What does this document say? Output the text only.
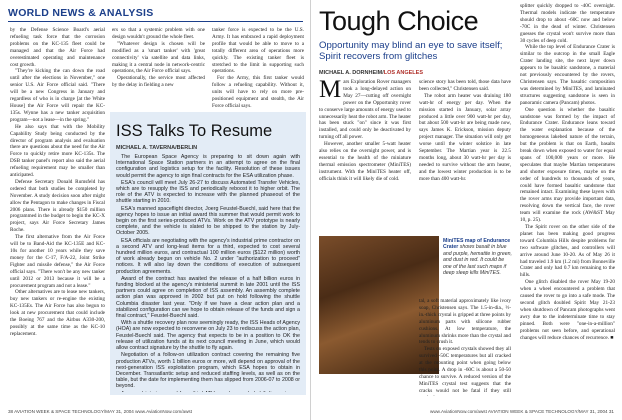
WORLD NEWS & ANALYSIS

by the Defense Science Board's aerial refueling task force that the corrosion problems on the KC-135 fleet could be managed and that the Air Force had overestimated operating and maintenance cost growth.

"They're kicking the can down the road until after the elections in November," one senior U.S. Air Force official said. "There will be a new Congress in January and regardless of who is in charge [at the White House] the Air Force will repair the KC-135s. Wynne has a new tanker acquisition program—not a lease—in the spring."

He also says that with the Mobility Capability Study being conducted by the director of program analysis and evaluation there are questions about the need for the Air Force to quickly retire more KC-135s. The DSB tanker panel's report also said the aerial refueling requirement may be smaller than anticipated.

Defense Secretary Donald Rumsfeld has ordered that both studies be completed by November. A study decision soon after might allow the Pentagon to make changes in Fiscal 2006 plans. There is already $150 million programmed in the budget to begin the KC-X project, says Air Force Secretary James Roche.

The first alternative from the Air Force will be to Band-Aid the KC-135E and KC-10s for another 10 years while they save money for the C-17, F/A-22, Joint Strike Fighter and missile defense," the Air Force official says. "There won't be any new tanker until 2012 or 2013 because it will be a procurement program and not a lease."

Other alternatives are to lease new tankers, buy new tankers or re-engine the existing KC-135Es. The Air Force has also begun to look at new procurement that could include the Boeing 767 and the Airbus A330-200, possibly at the same time as the KC-10 replacement.

ers so that a systemic problem with one design wouldn't ground the whole fleet.

"Whatever design is chosen will be modified as a 'smart tanker' with 'great connectivity' via satellite and data links, making it a central node in network-centric operations, the Air Force official says.

Operationally, the service most affected by the delay in fielding a new

tanker force is expected to be the U.S. Army. It has embraced a rapid deployment profile that would be able to move to a totally different area of operations more quickly. The existing tanker fleet is stretched to the limit in supporting such operations.

For the Army, this first tanker would follow a refueling capability. Without it, units will have to rely on more pre-positioned equipment and stealth, the Air Force official says.

ISS Talks To Resume
MICHAEL A. TAVERNA/BERLIN

The European Space Agency is preparing to sit down again with International Space Station partners in an attempt to agree on the final configuration and logistics setup for the facility. Resolution of these issues would permit the agency to sign final contracts for the ESA utilization phase.

ESA's council will meet July 26-27 to discuss Automated Transfer Vehicles, which are to resupply the ISS and periodically reboost it to higher orbit. The role of the ATV is expected to increase with the planned phaseout of the shuttle starting in 2010.

ESA's manned spaceflight director, Joerg Feustel-Buechl, said here that the agency hopes to issue an initial award this summer that would permit work to begin on the first series-produced ATVs. Work on the ATV prototype is nearly complete, and the vehicle is slated to be shipped to the station by July-October 2005.

ESA officials are negotiating with the agency's industrial prime contractor on a second ATV and long-lead items for a third, expected to cost several hundred million euros, and contractual 100 million euros ($122 million) worth of work already begun on vehicle No. 2 under "authorization to proceed" notices. It will also lay down the conditions of execution of subsequent production agreements.

Award of the contract has awaited the release of a half billion euros in funding blocked at the agency's ministerial summit in late 2001 until the ISS partners could agree on completion of ISS assembly. An assembly complete action plan was approved in 2002 but put on hold following the shuttle Columbia disaster last year. "Only if we have a clear action plan and a stabilized configuration can we hope to obtain release of the funds and sign a final contract," Feustel-Buechl said.

With a shuttle recovery plan now seemingly ready, the ISS Heads of Agency (HOA) are now expected to reconvene on July 23 to rediscuss the action plan, Feustel-Buechl said. The agency that expects to be in a position to OK the release of utilization funds at its next council meeting in June, which would allow contract signature by the shuttle to fly again.

Negotiation of a follow-on utilization contract covering the remaining five production ATVs, worth 1 billion euros or more, will depend on approval of the next-generation ISS exploitation program, which ESA hopes to obtain in December. Transatlantic setup and reduced staffing levels, as well as on the table, but the date for implementing them has slipped from 2006-07 to 2008 or beyond.

38 AVIATION WEEK & SPACE TECHNOLOGY/MAY 31, 2004 www.AviationNow.com/awst
Tough Choice
Opportunity may blind an eye to save itself; Spirit recovers from glitches
MICHAEL A. DORNHEIM/LOS ANGELES

Mars Exploration Rover managers took a long-delayed action on May 27—cutting off overnight power on the Opportunity rover to conserve large amounts of energy used to unnecessarily heat the robot arm. The heater has been stuck "on" since it was first installed, and could only be deactivated by turning off all power.

However, another smaller 5-watt heater also relies on the overnight power, and is essential to the health of the miniature thermal emission spectrometer (MiniTES) instrument. With the MiniTES heater off, officials think it will likely die of cold.

science story has been told, those data have been collected," Christensen said.

The robot arm heater was draining 180 watt-hr of energy per day. When the mission started in January, solar array produced a little over 900 watt-hr per day, but about 500 watt-hr are being made now, says James K. Erickson, mission deputy project manager. The situation will only get worse until the winter solstice in late September. The Martian year is 22.5 months long, about 30 watt-hr per day is needed to survive without the arm heater, and the lowest winter production is to be more than 400 watt-hr.

MiniTES map of Endurance Crater shows basalt in blue and purple, hematite in green, and dust in red. It could be one of the last such maps if deep sleep kills MiniTES.

tal, a soft material approximately like ivory soap, Christensen says. The 1.5-in-dia., ½-in.-thick crystal is gripped at three points by aluminum parts with silicone rubber cushions. At low temperature, the aluminum shrinks more than the crystal and tends to crush it.

Tests on exposed crystals showed they all survived -50C temperatures but all cracked at the mounting point when going below this point. A drop in -60C is about a 50-50 chance to survive. A reduced version of the MiniTES crystal test suggests that the cracks would not be fatal if they still

splitter quickly dropped to -40C overnight. Thermal models indicate the temperature should drop to about -60C now and below -70C in the dead of winter. Christensen guesses the crystal won't survive more than 30 cycles of deep cold.

While the top level of Endurance Crater is similar to the outcrop in the small Eagle Crater landing site, the next layer down appears to be basaltic sandstone, a material not previously encountered by the rovers, Christensen says. The basaltic composition was determined by MiniTES, and laminated structures suggesting sandstone is seen in panoramic camera (Pancam) photos.

One question is whether the basaltic sandstone was formed by the impact of Endurance Crater. Endurance leans toward the water explanation because of the homogeneous lakebed nature of the terrain, but the problem is that on Earth, basalts break down when exposed to water for equal spans of 100,000 years or more. He speculates that maybe Martian temperatures and shorter exposure times, maybe on the order of hundreds to thousands of years, could have formed basaltic sandstone that remained intact. Examining these layers with the rover arms may provide important data, resolving down the vertical face, the rover team will examine the rock (AW&ST May 10, p. 25).

The Spirit rover on the other side of the planet has been making good progress toward Columbia Hills despite problems for two software glitches, and controllers will arrive around June 10-20. As of May 26 it had traveled 1.9 km (1.2 mi) from Bonneville Crater and only had 0.7 km remaining to the hills.

One glitch disabled the rover May 19-20 when a wheel encountered a problem that caused the rover to go into a safe mode. The second glitch doubled Spirit May 21-23 when shutdown of Pancam photographs went awry due to the indeterminate time to stay pinned. Both were "one-in-a-million" problems not seen before, and operational changes will reduce chances of recurrence. ■

www.AviationNow.com/awst AVIATION WEEK & SPACE TECHNOLOGY/MAY 31, 2004 31
